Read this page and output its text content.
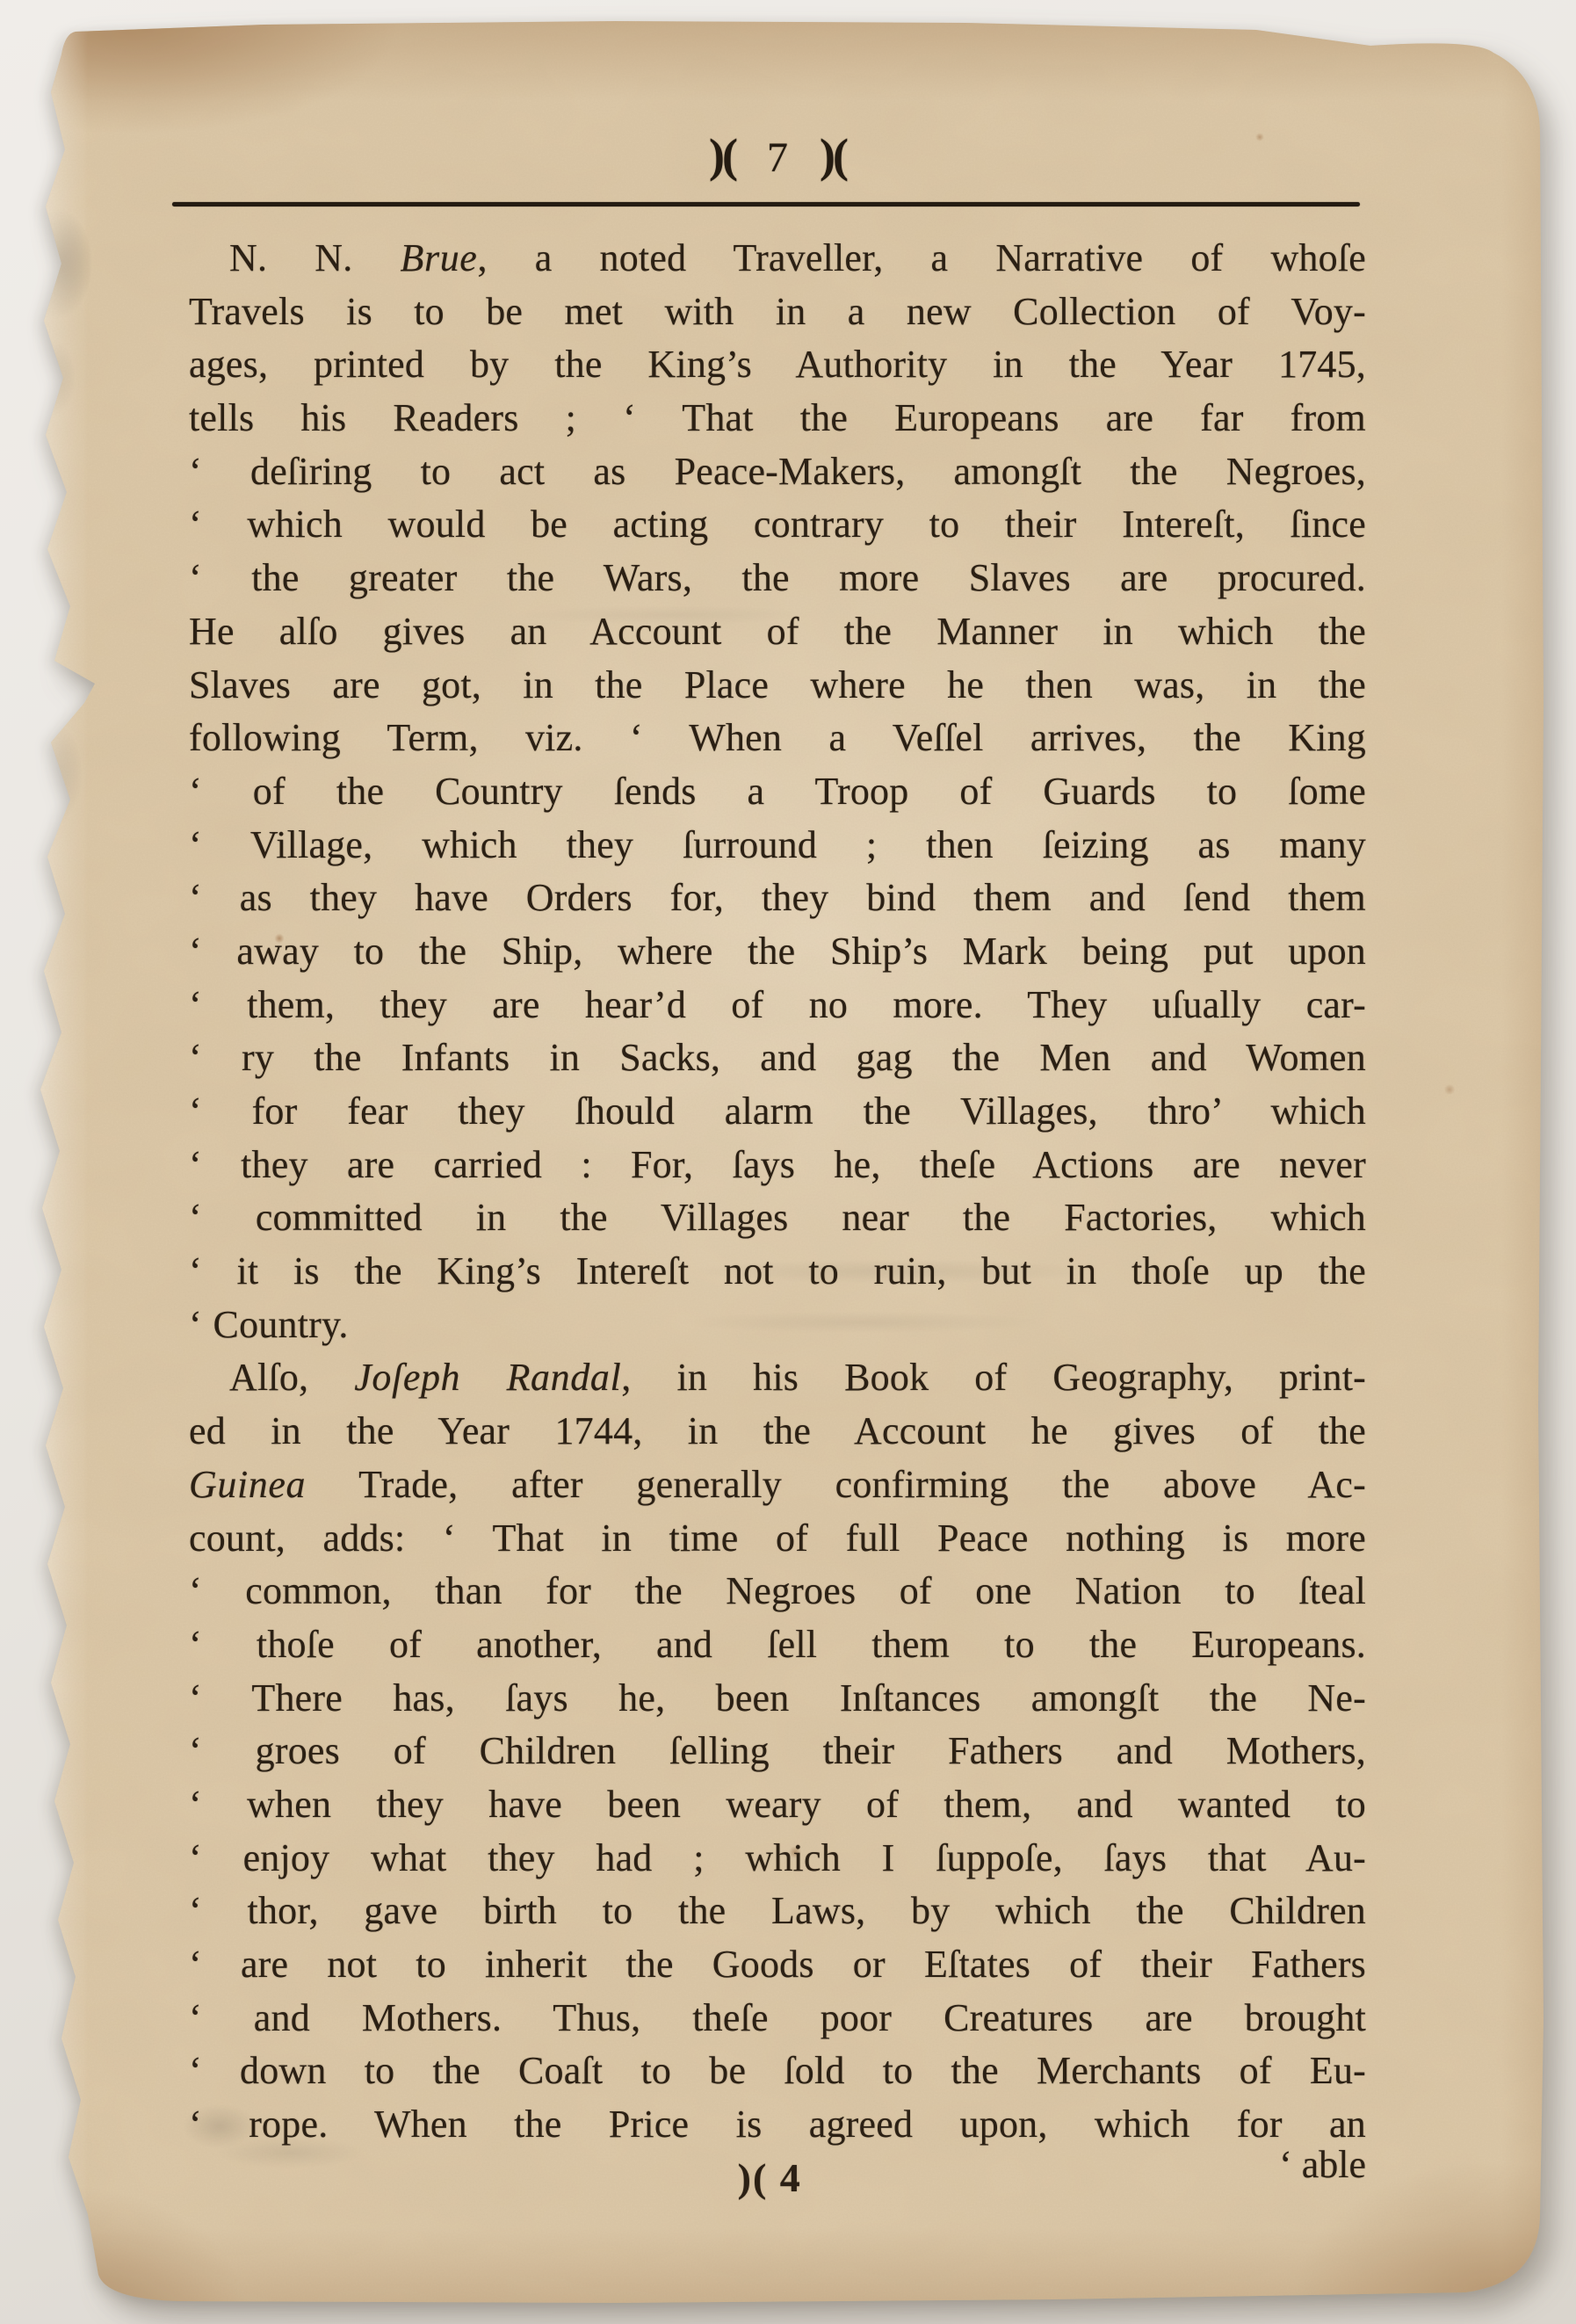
)( 7 )(
N. N. Brue, a noted Traveller, a Narrative of whoſe
Travels is to be met with in a new Collection of Voy-
ages, printed by the King’s Authority in the Year 1745,
tells his Readers ; ‘ That the Europeans are far from
‘ deſiring to act as Peace-Makers, amongſt the Negroes,
‘ which would be acting contrary to their Intereſt, ſince
‘ the greater the Wars, the more Slaves are procured.
He alſo gives an Account of the Manner in which the
Slaves are got, in the Place where he then was, in the
following Term, viz. ‘ When a Veſſel arrives, the King
‘ of the Country ſends a Troop of Guards to ſome
‘ Village, which they ſurround ; then ſeizing as many
‘ as they have Orders for, they bind them and ſend them
‘ away to the Ship, where the Ship’s Mark being put upon
‘ them, they are hear’d of no more. They uſually car-
‘ ry the Infants in Sacks, and gag the Men and Women
‘ for fear they ſhould alarm the Villages, thro’ which
‘ they are carried : For, ſays he, theſe Actions are never
‘ committed in the Villages near the Factories, which
‘ it is the King’s Intereſt not to ruin, but in thoſe up the
‘ Country.
Alſo, Joſeph Randal, in his Book of Geography, print-
ed in the Year 1744, in the Account he gives of the
Guinea Trade, after generally confirming the above Ac-
count, adds: ‘ That in time of full Peace nothing is more
‘ common, than for the Negroes of one Nation to ſteal
‘ thoſe of another, and ſell them to the Europeans.
‘ There has, ſays he, been Inſtances amongſt the Ne-
‘ groes of Children ſelling their Fathers and Mothers,
‘ when they have been weary of them, and wanted to
‘ enjoy what they had ; which I ſuppoſe, ſays that Au-
‘ thor, gave birth to the Laws, by which the Children
‘ are not to inherit the Goods or Eſtates of their Fathers
‘ and Mothers. Thus, theſe poor Creatures are brought
‘ down to the Coaſt to be ſold to the Merchants of Eu-
‘ rope. When the Price is agreed upon, which for an
)( 4	‘ able
